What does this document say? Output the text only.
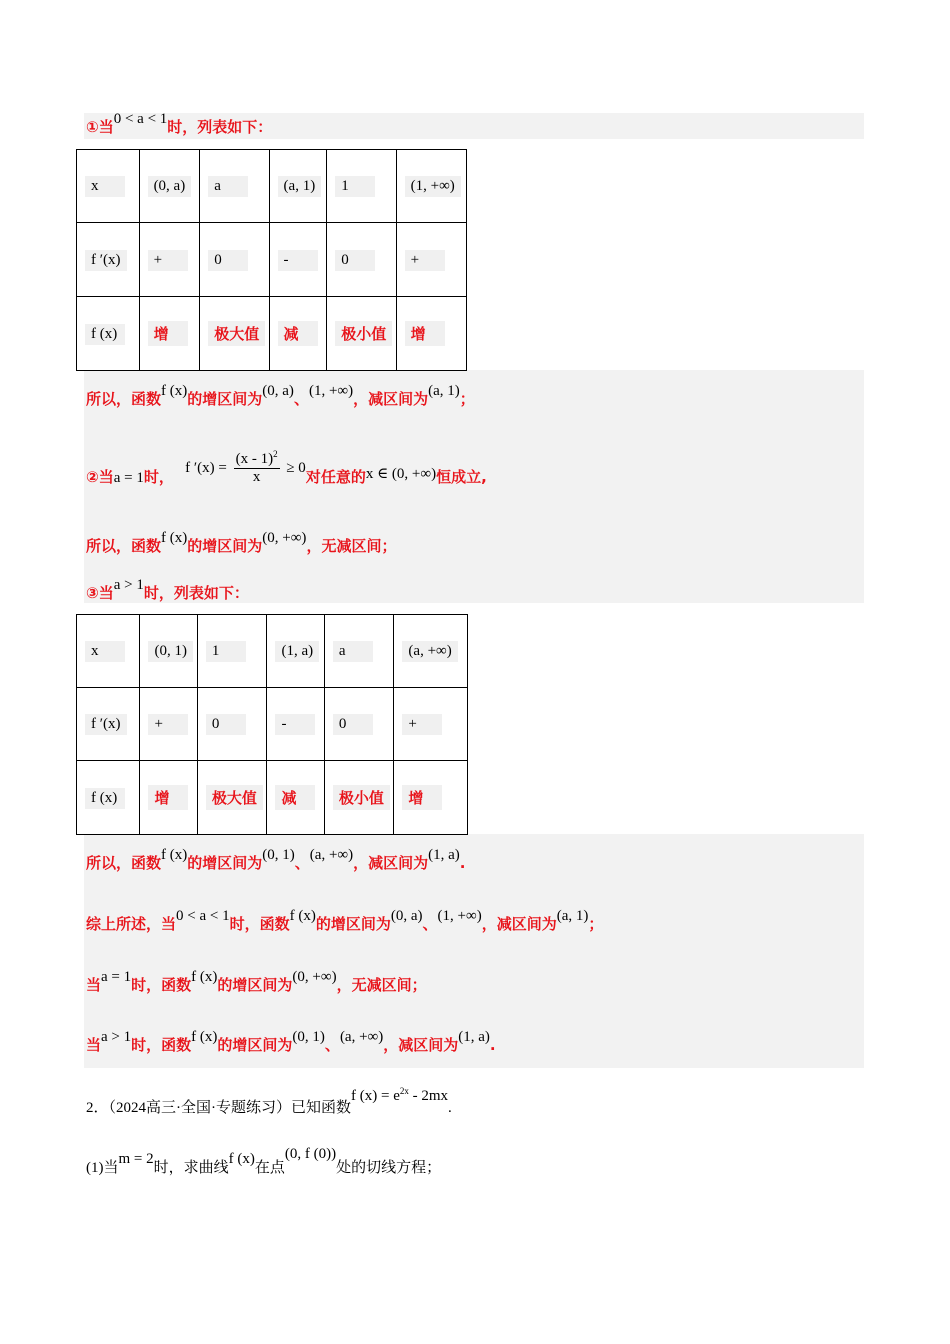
①当0 < a < 1时，列表如下：
x	(0, a)	a	(a, 1)	1	(1, +∞)
f ′(x)	+	0	-	0	+
f (x)	增	极大值	减	极小值	增
所以，函数f (x)的增区间为(0, a)、(1, +∞)，减区间为(a, 1)；
②当a = 1时， f $'(x) = \frac{(x - 1)^2}{x} \ge 0$对任意的x ∈ (0, +∞)恒成立,
所以，函数f (x)的增区间为(0, +∞)，无减区间；
③当a > 1时，列表如下：
x	(0, 1)	1	(1, a)	a	(a, +∞)
f ′(x)	+	0	-	0	+
f (x)	增	极大值	减	极小值	增
所以，函数f (x)的增区间为(0, 1)、(a, +∞)，减区间为(1, a).
综上所述，当0 < a < 1时，函数f (x)的增区间为(0, a)、(1, +∞)，减区间为(a, 1)；
当a = 1时，函数f (x)的增区间为(0, +∞)，无减区间；
当a > 1时，函数f (x)的增区间为(0, 1)、(a, +∞)，减区间为(1, a).
2．（2024高三·全国·专题练习）已知函数f $(x) = e^{2x} - 2mx$.
(1)当m = 2时，求曲线f (x)在点(0, f (0))处的切线方程；
